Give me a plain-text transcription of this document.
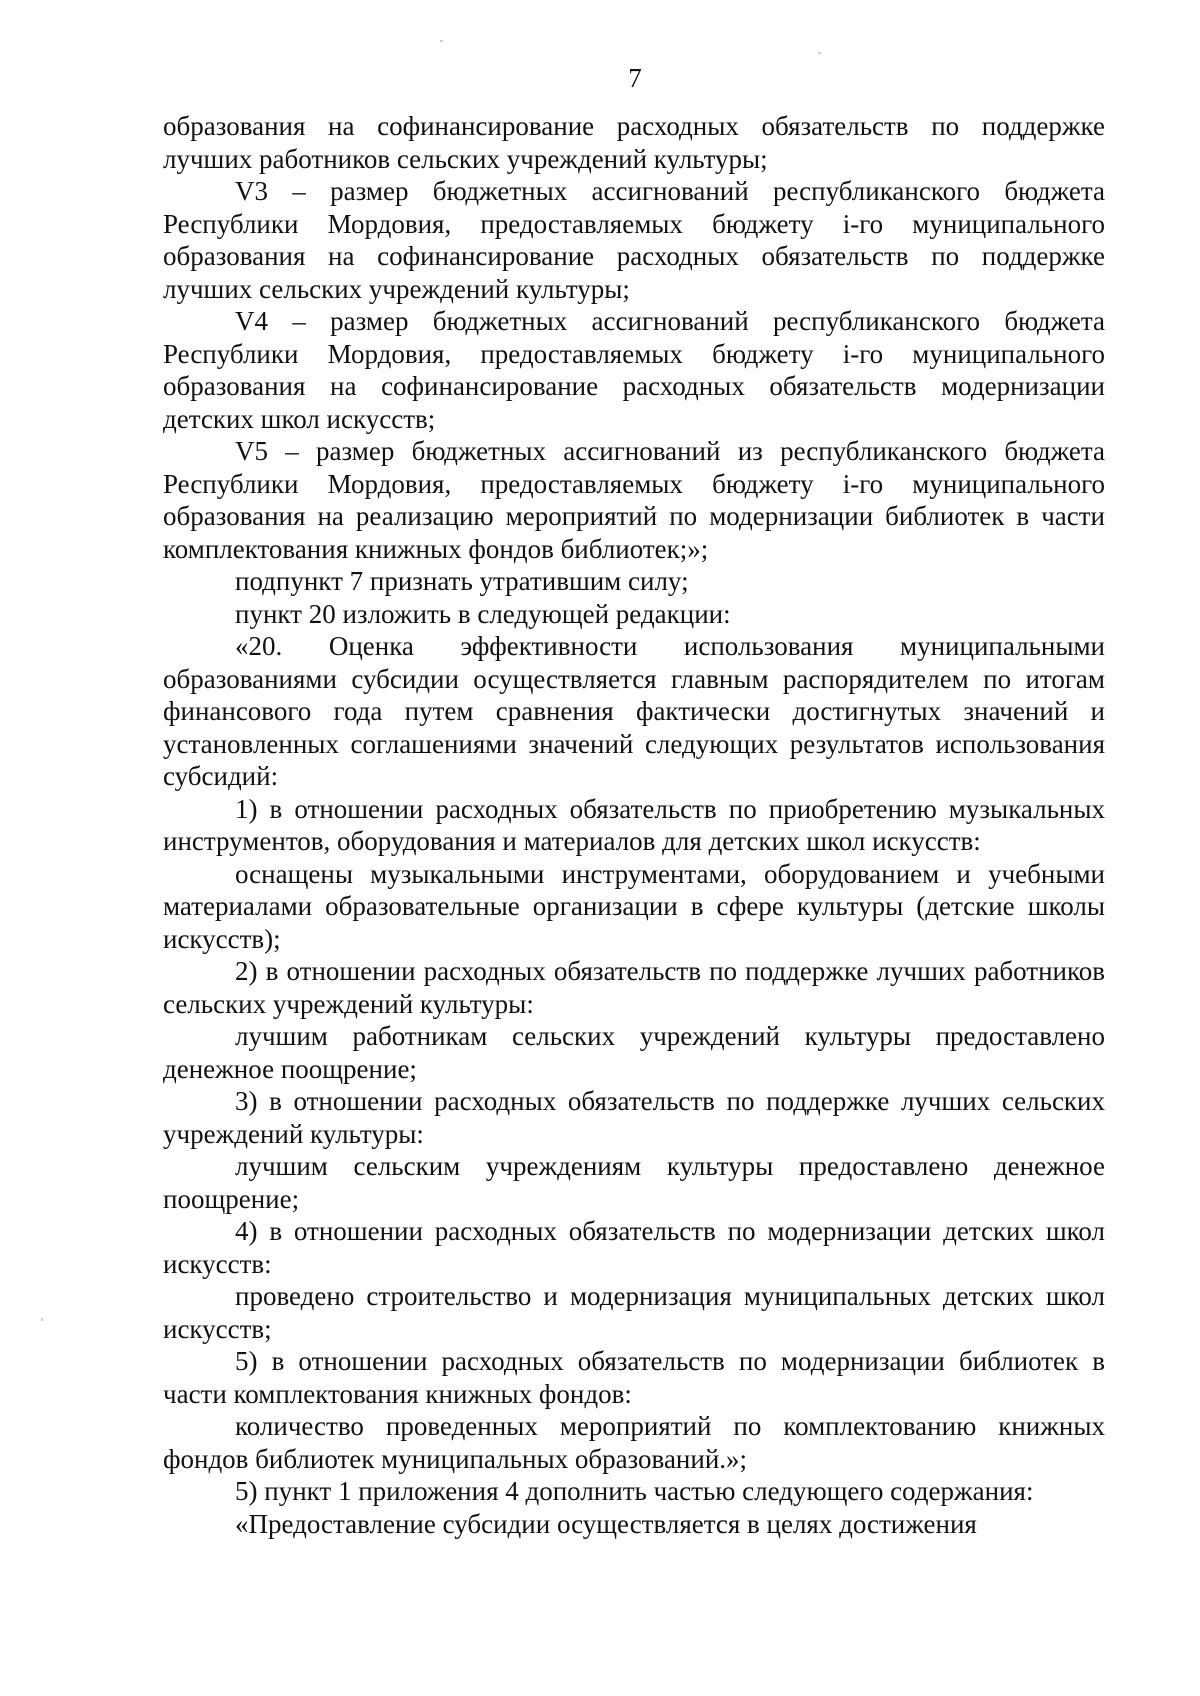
7

образования на софинансирование расходных обязательств по поддержке лучших работников сельских учреждений культуры;

V3 – размер бюджетных ассигнований республиканского бюджета Республики Мордовия, предоставляемых бюджету i-го муниципального образования на софинансирование расходных обязательств по поддержке лучших сельских учреждений культуры;

V4 – размер бюджетных ассигнований республиканского бюджета Республики Мордовия, предоставляемых бюджету i-го муниципального образования на софинансирование расходных обязательств модернизации детских школ искусств;

V5 – размер бюджетных ассигнований из республиканского бюджета Республики Мордовия, предоставляемых бюджету i-го муниципального образования на реализацию мероприятий по модернизации библиотек в части комплектования книжных фондов библиотек;»;

подпункт 7 признать утратившим силу;

пункт 20 изложить в следующей редакции:

«20. Оценка эффективности использования муниципальными образованиями субсидии осуществляется главным распорядителем по итогам финансового года путем сравнения фактически достигнутых значений и установленных соглашениями значений следующих результатов использования субсидий:

1) в отношении расходных обязательств по приобретению музыкальных инструментов, оборудования и материалов для детских школ искусств:

оснащены музыкальными инструментами, оборудованием и учебными материалами образовательные организации в сфере культуры (детские школы искусств);

2) в отношении расходных обязательств по поддержке лучших работников сельских учреждений культуры:

лучшим работникам сельских учреждений культуры предоставлено денежное поощрение;

3) в отношении расходных обязательств по поддержке лучших сельских учреждений культуры:

лучшим сельским учреждениям культуры предоставлено денежное поощрение;

4) в отношении расходных обязательств по модернизации детских школ искусств:

проведено строительство и модернизация муниципальных детских школ искусств;

5) в отношении расходных обязательств по модернизации библиотек в части комплектования книжных фондов:

количество проведенных мероприятий по комплектованию книжных фондов библиотек муниципальных образований.»;

5) пункт 1 приложения 4 дополнить частью следующего содержания:

«Предоставление субсидии осуществляется в целях достижения
